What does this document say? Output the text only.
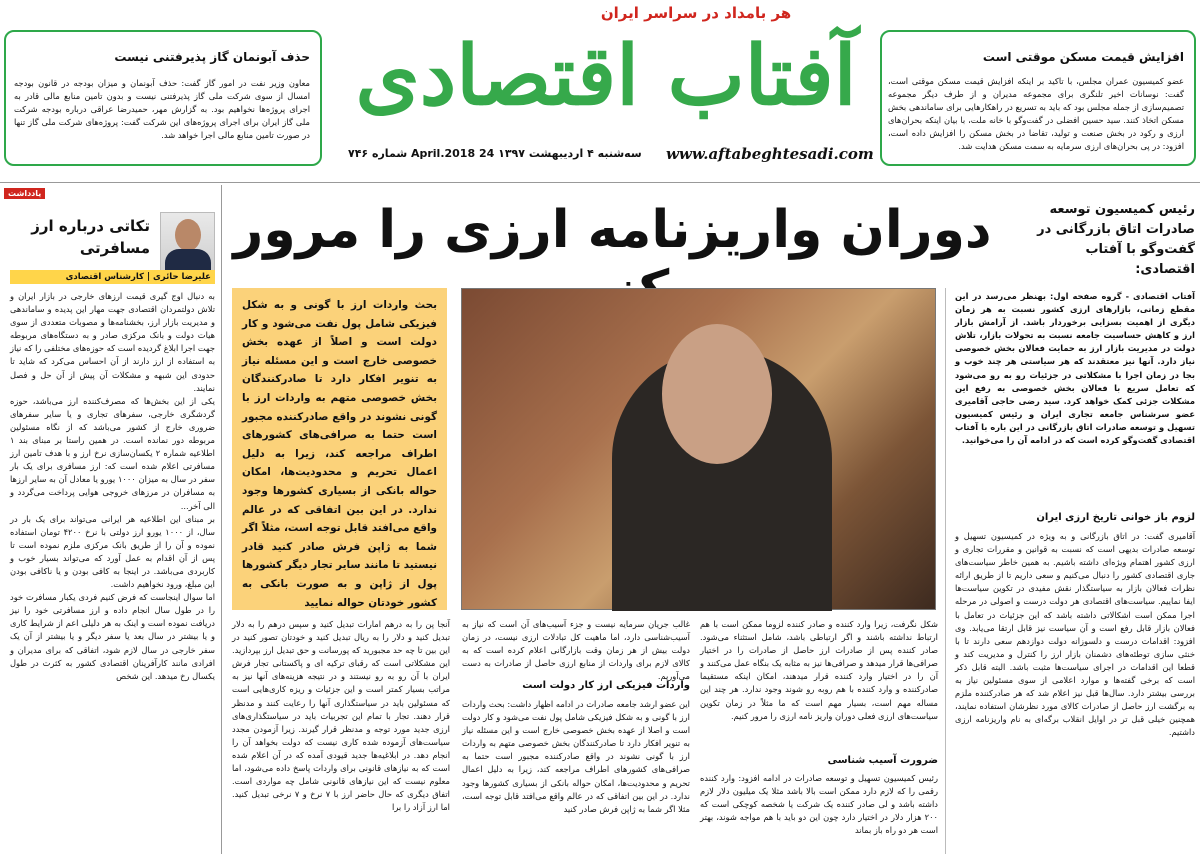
هر بامداد در سراسر ایران
آفتاب اقتصادی
www.aftabeghtesadi.com
سه‌شنبه ۴ اردیبهشت ۱۳۹۷ 24 April.2018 شماره ۷۴۶
حذف آبونمان گاز پذیرفتنی نیست
معاون وزیر نفت در امور گاز گفت: حذف آبونمان و میزان بودجه در قانون بودجه امسال از سوی شرکت ملی گاز پذیرفتنی نیست و بدون تامین منابع مالی قادر به اجرای پروژه‌ها نخواهیم بود. به گزارش مهر، حمیدرضا عراقی درباره بودجه شرکت ملی گاز ایران برای اجرای پروژه‌های این شرکت گفت: پروژه‌های شرکت ملی گاز تنها در صورت تامین منابع مالی اجرا خواهد شد.
افزایش قیمت مسکن موقتی است
عضو کمیسیون عمران مجلس، با تاکید بر اینکه افزایش قیمت مسکن موقتی است، گفت: نوسانات اخیر تلنگری برای مجموعه مدیران و از طرف دیگر مجموعه تصمیم‌سازی از جمله مجلس بود که باید به تسریع در راهکارهایی برای ساماندهی بخش مسکن اتخاذ کنند. سید حسین افضلی در گفت‌وگو با خانه ملت، با بیان اینکه بحران‌های ارزی و رکود در بخش صنعت و تولید، تقاضا در بخش مسکن را افزایش داده است، افزود: در پی بحران‌های ارزی سرمایه به سمت مسکن هدایت شد.
یادداشت
تکاتی درباره ارز مسافرتی
علیرضا حائری | کارشناس اقتصادی
به دنبال اوج گیری قیمت ارزهای خارجی در بازار ایران و تلاش دولتمردان اقتصادی جهت مهار این پدیده و ساماندهی و مدیریت بازار ارز، بخشنامه‌ها و مصوبات متعددی از سوی هیات دولت و بانک مرکزی صادر و به دستگاه‌های مربوطه جهت اجرا ابلاغ گردیده است که حوزه‌های مختلفی را که نیاز به استفاده از ارز دارند از آن احساس می‌کرد که شاید تا حدودی این شبهه و مشکلات آن پیش از آن حل و فصل نمایند.
یکی از این بخش‌ها که مصرف‌کننده ارز می‌باشد، حوزه گردشگری خارجی، سفرهای تجاری و یا سایر سفرهای ضروری خارج از کشور می‌باشد که از نگاه مسئولین مربوطه دور نمانده است. در همین راستا بر مبنای بند ۱ اطلاعیه شماره ۲ یکسان‌سازی نرخ ارز و با هدف تامین ارز مسافرتی اعلام شده است که: ارز مسافری برای یک بار سفر در سال به میزان ۱۰۰۰ یورو یا معادل آن به سایر ارزها به مسافران در مرزهای خروجی هوایی پرداخت می‌گردد و الی آخر...
بر مبنای این اطلاعیه هر ایرانی می‌تواند برای یک بار در سال، از ۱۰۰۰ یورو ارز دولتی با نرخ ۴۲۰۰ تومان استفاده نموده و آن را از طریق بانک مرکزی ملزم نموده است تا پس از آن اقدام به عمل آورد که می‌تواند بسیار خوب و کاربردی می‌باشد. در اینجا به کافی بودن و یا ناکافی بودن این مبلغ، ورود نخواهیم داشت.
اما سوال اینجاست که فرض کنیم فردی یکبار مسافرت خود را در طول سال انجام داده و ارز مسافرتی خود را نیز دریافت نموده است و اینک به هر دلیلی اعم از شرایط کاری و یا بیشتر در سال بعد یا سفر دیگر و یا بیشتر از آن یک سفر خارجی در سال لازم شود، اتفاقی که برای مدیران و افرادی مانند کارآفرینان اقتصادی کشور به کثرت در طول یکسال رخ میدهد. این شخص
رئیس کمیسیون توسعه صادرات اتاق بازرگانی در گفت‌وگو با آفتاب اقتصادی:
دوران واریزنامه ارزی را مرور
بحث واردات ارز با گونی و به شکل فیزیکی شامل پول نفت می‌شود و کار دولت است و اصلاً از عهده بخش خصوصی خارج است و این مسئله نیاز به تنویر افکار دارد تا صادرکنندگان بخش خصوصی متهم به واردات ارز با گونی نشوند در واقع صادرکننده مجبور است حتما به صرافی‌های کشورهای اطراف مراجعه کند، زیرا به دلیل اعمال تحریم و محدودیت‌ها، امکان حواله بانکی از بسیاری کشورها وجود ندارد. در این بین اتفاقی که در عالم واقع می‌افتد قابل توجه است، مثلاً اگر شما به ژاپن فرش صادر کنید قادر نیستید تا مانند سایر تجار دیگر کشورها پول از ژاپن و به صورت بانکی به کشور خودتان حواله نمایید
آفتاب اقتصادی - گروه صفحه اول: بهنظر می‌رسد در این مقطع زمانی، بازارهای ارزی کشور نسبت به هر زمان دیگری از اهمیت بسزایی برخوردار باشد. از آرامش بازار ارز و کاهش حساسیت جامعه نسبت به تحولات بازار، تلاش دولت در مدیریت بازار ارز به حمایت فعالان بخش خصوصی نیاز دارد. آنها نیز معتقدند که هر سیاستی هر چند خوب و بجا در زمان اجرا با مشکلاتی در جزئیات رو به رو می‌شود که تعامل سریع با فعالان بخش خصوصی به رفع این مشکلات جزئی کمک خواهد کرد. سید رضی حاجی آقامیری عضو سرشناس جامعه تجاری ایران و رئیس کمیسیون تسهیل و توسعه صادرات اتاق بازرگانی در این باره با آفتاب اقتصادی گفت‌وگو کرده است که در ادامه آن را می‌خوانید.
لزوم باز خوانی تاریخ ارزی ایران
آقامیری گفت: در اتاق بازرگانی و به ویژه در کمیسیون تسهیل و توسعه صادرات بدیهی است که نسبت به قوانین و مقررات تجاری و ارزی کشور اهتمام ویژه‌ای داشته باشیم. به همین خاطر سیاست‌های جاری اقتصادی کشور را دنبال می‌کنیم و سعی داریم تا از طریق ارائه نظرات فعالان بازار به سیاستگذار نقش مفیدی در تکوین سیاست‌ها ایفا نماییم. سیاست‌های اقتصادی هر دولت درست و اصولی در مرحله اجرا ممکن است اشکالاتی داشته باشد که این جزئیات در تعامل با فعالان بازار قابل رفع است و آن سیاست نیز قابل ارتقا می‌یابد. وی افزود: اقدامات درست و دلسوزانه دولت دوازدهم سعی دارند تا با خنثی سازی توطئه‌های دشمنان بازار ارز را کنترل و مدیریت کند و قطعا این اقدامات در اجرای سیاست‌ها مثبت باشد. البته قابل ذکر است که برخی گفته‌ها و موارد اعلامی از سوی مسئولین نیاز به بررسی بیشتر دارد. سال‌ها قبل نیز اعلام شد که هر صادرکننده ملزم به برگشت ارز حاصل از صادرات کالای مورد نظرشان استفاده نمایند، همچنین خیلی قبل تر در اوایل انقلاب برگه‌ای به نام واریزنامه ارزی داشتیم.
شکل نگرفت، زیرا وارد کننده و صادر کننده لزوما ممکن است با هم ارتباط نداشته باشند و اگر ارتباطی باشد، شامل استثناء می‌شود. صادر کننده پس از صادرات ارز حاصل از صادرات را در اختیار صرافی‌ها قرار میدهد و صرافی‌ها نیز به مثابه یک بنگاه عمل می‌کنند و آن را در اختیار وارد کننده قرار میدهند، امکان اینکه مستقیما صادرکننده و وارد کننده با هم روبه رو شوند وجود ندارد. هر چند این مساله مهم است، بسیار مهم است که ما مثلاً در زمان تکوین سیاست‌های ارزی فعلی دوران واریز نامه ارزی را مرور کنیم.
ضرورت آسیب شناسی
رئیس کمیسیون تسهیل و توسعه صادرات در ادامه افزود: وارد کننده رقمی را که لازم دارد ممکن است بالا باشد مثلا یک میلیون دلار لازم داشته باشد و لی صادر کننده یک شرکت یا شخصه کوچکی است که ۲۰۰ هزار دلار در اختیار دارد چون این دو باید با هم مواجه شوند، بهتر است هر دو راه باز بماند
غالب جریان سرمایه نیست و جزء آسیب‌های آن است که نیاز به آسیب‌شناسی دارد، اما ماهیت کل تبادلات ارزی نیست، در زمان دولت بیش از هر زمان وقت بازارگانی اعلام کرده است که به کالای لازم برای واردات از منابع ارزی حاصل از صادرات به دست می‌آوریم.
واردات فیزیکی ارز کار دولت است
این عضو ارشد جامعه صادرات در ادامه اظهار داشت: بحث واردات ارز با گونی و به شکل فیزیکی شامل پول نفت می‌شود و کار دولت است و اصلا از عهده بخش خصوصی خارج است و این مسئله نیاز به تنویر افکار دارد تا صادرکنندگان بخش خصوصی متهم به واردات ارز با گونی نشوند در واقع صادرکننده مجبور است حتما به صرافی‌های کشورهای اطراف مراجعه کند، زیرا به دلیل اعمال تحریم و محدودیت‌ها، امکان حواله بانکی از بسیاری کشورها وجود ندارد. در این بین اتفاقی که در عالم واقع می‌افتد قابل توجه است، مثلا اگر شما به ژاپن فرش صادر کنید
آنجا پن را به درهم امارات تبدیل کنید و سپس درهم را به دلار تبدیل کنید و دلار را به ریال تبدیل کنید و خودتان تصور کنید در این بین تا چه حد مجبورید که پورسانت و حق تبدیل ارز بپردازید. این مشکلاتی است که رقبای ترکیه ای و پاکستانی تجار فرش ایران با آن رو به رو نیستند و در نتیجه هزینه‌های آنها نیز به مراتب بسیار کمتر است و این جزئیات و ریزه کاری‌هایی است که مسئولین باید در سیاستگذاری آنها را رعایت کنند و مدنظر قرار دهند. تجار با تمام این تجربیات باید در سیاستگذاری‌های ارزی جدید مورد توجه و مدنظر قرار گیرند. زیرا آزمودن مجدد سیاست‌های آزموده شده کاری نیست که دولت بخواهد آن را انجام دهد. در ابلاغیه‌ها جدید قیودی آمده که در آن اعلام شده است که به نیازهای قانونی برای واردات پاسخ داده می‌شود، اما معلوم نیست که این نیازهای قانونی شامل چه مواردی است. اتفاق دیگری که حال حاضر ارز با ۷ نرخ و ۷ نرخی تبدیل کنید. اما ارز آزاد را برا
